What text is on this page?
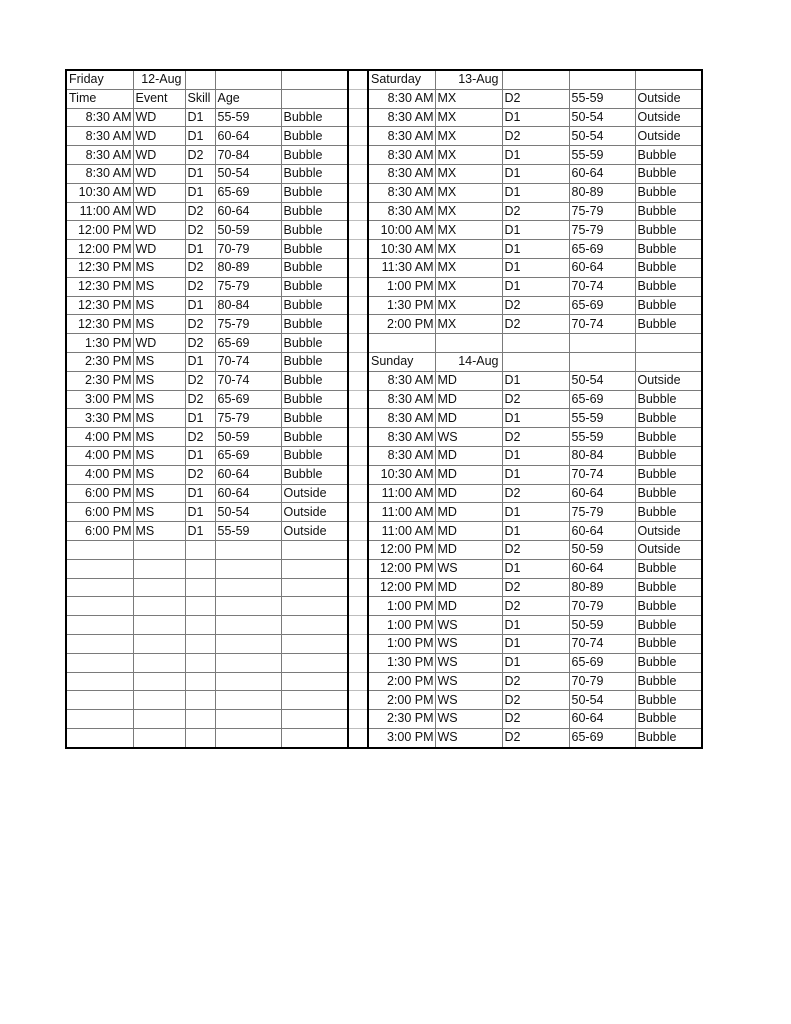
Friday	12-Aug					Saturday	13-Aug			
Time	Event	Skill	Age			8:30 AM	MX	D2	55-59	Outside
8:30 AM	WD	D1	55-59	Bubble		8:30 AM	MX	D1	50-54	Outside
8:30 AM	WD	D1	60-64	Bubble		8:30 AM	MX	D2	50-54	Outside
8:30 AM	WD	D2	70-84	Bubble		8:30 AM	MX	D1	55-59	Bubble
8:30 AM	WD	D1	50-54	Bubble		8:30 AM	MX	D1	60-64	Bubble
10:30 AM	WD	D1	65-69	Bubble		8:30 AM	MX	D1	80-89	Bubble
11:00 AM	WD	D2	60-64	Bubble		8:30 AM	MX	D2	75-79	Bubble
12:00 PM	WD	D2	50-59	Bubble		10:00 AM	MX	D1	75-79	Bubble
12:00 PM	WD	D1	70-79	Bubble		10:30 AM	MX	D1	65-69	Bubble
12:30 PM	MS	D2	80-89	Bubble		11:30 AM	MX	D1	60-64	Bubble
12:30 PM	MS	D2	75-79	Bubble		1:00 PM	MX	D1	70-74	Bubble
12:30 PM	MS	D1	80-84	Bubble		1:30 PM	MX	D2	65-69	Bubble
12:30 PM	MS	D2	75-79	Bubble		2:00 PM	MX	D2	70-74	Bubble
1:30 PM	WD	D2	65-69	Bubble						
2:30 PM	MS	D1	70-74	Bubble		Sunday	14-Aug			
2:30 PM	MS	D2	70-74	Bubble		8:30 AM	MD	D1	50-54	Outside
3:00 PM	MS	D2	65-69	Bubble		8:30 AM	MD	D2	65-69	Bubble
3:30 PM	MS	D1	75-79	Bubble		8:30 AM	MD	D1	55-59	Bubble
4:00 PM	MS	D2	50-59	Bubble		8:30 AM	WS	D2	55-59	Bubble
4:00 PM	MS	D1	65-69	Bubble		8:30 AM	MD	D1	80-84	Bubble
4:00 PM	MS	D2	60-64	Bubble		10:30 AM	MD	D1	70-74	Bubble
6:00 PM	MS	D1	60-64	Outside		11:00 AM	MD	D2	60-64	Bubble
6:00 PM	MS	D1	50-54	Outside		11:00 AM	MD	D1	75-79	Bubble
6:00 PM	MS	D1	55-59	Outside		11:00 AM	MD	D1	60-64	Outside
						12:00 PM	MD	D2	50-59	Outside
						12:00 PM	WS	D1	60-64	Bubble
						12:00 PM	MD	D2	80-89	Bubble
						1:00 PM	MD	D2	70-79	Bubble
						1:00 PM	WS	D1	50-59	Bubble
						1:00 PM	WS	D1	70-74	Bubble
						1:30 PM	WS	D1	65-69	Bubble
						2:00 PM	WS	D2	70-79	Bubble
						2:00 PM	WS	D2	50-54	Bubble
						2:30 PM	WS	D2	60-64	Bubble
						3:00 PM	WS	D2	65-69	Bubble
